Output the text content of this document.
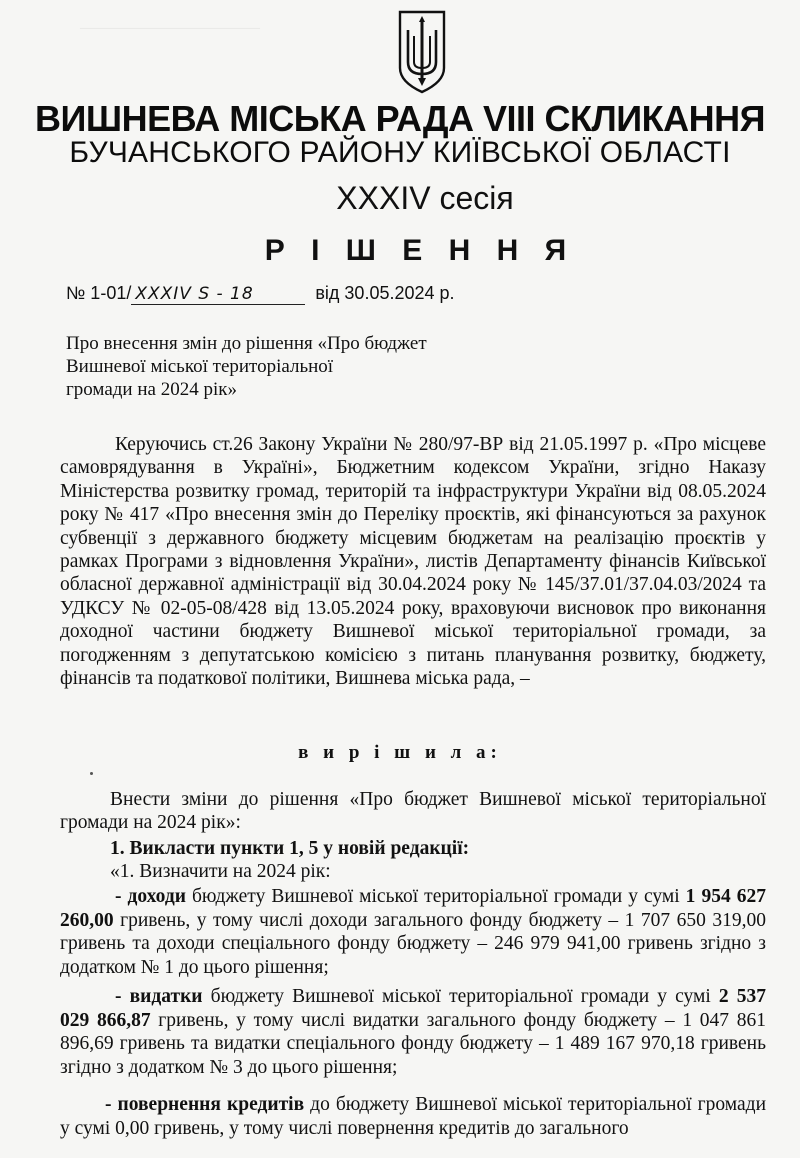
————————————
ВИШНЕВА МІСЬКА РАДА VIII СКЛИКАННЯ
БУЧАНСЬКОГО РАЙОНУ КИЇВСЬКОЇ ОБЛАСТІ
XXXIV сесія
Р І Ш Е Н Н Я
№ 1-01/ XXXIV S - 18	від 30.05.2024 р.
Про внесення змін до рішення «Про бюджет
Вишневої міської територіальної
громади на 2024 рік»
Керуючись ст.26 Закону України № 280/97-ВР від 21.05.1997 р. «Про місцеве самоврядування в Україні», Бюджетним кодексом України, згідно Наказу Міністерства розвитку громад, територій та інфраструктури України від 08.05.2024 року № 417 «Про внесення змін до Переліку проєктів, які фінансуються за рахунок субвенції з державного бюджету місцевим бюджетам на реалізацію проєктів у рамках Програми з відновлення України», листів Департаменту фінансів Київської обласної державної адміністрації від 30.04.2024 року № 145/37.01/37.04.03/2024 та УДКСУ № 02-05-08/428 від 13.05.2024 року, враховуючи висновок про виконання доходної частини бюджету Вишневої міської територіальної громади, за погодженням з депутатською комісією з питань планування розвитку, бюджету, фінансів та податкової політики, Вишнева міська рада, –
в и р і ш и л а:
Внести зміни до рішення «Про бюджет Вишневої міської територіальної громади на 2024 рік»:
1. Викласти пункти 1, 5 у новій редакції:
«1. Визначити на 2024 рік:
- доходи бюджету Вишневої міської територіальної громади у сумі 1 954 627 260,00 гривень, у тому числі доходи загального фонду бюджету – 1 707 650 319,00 гривень та доходи спеціального фонду бюджету – 246 979 941,00 гривень згідно з додатком № 1 до цього рішення;
- видатки бюджету Вишневої міської територіальної громади у сумі 2 537 029 866,87 гривень, у тому числі видатки загального фонду бюджету – 1 047 861 896,69 гривень та видатки спеціального фонду бюджету – 1 489 167 970,18 гривень згідно з додатком № 3 до цього рішення;
- повернення кредитів до бюджету Вишневої міської територіальної громади у сумі 0,00 гривень, у тому числі повернення кредитів до загального
